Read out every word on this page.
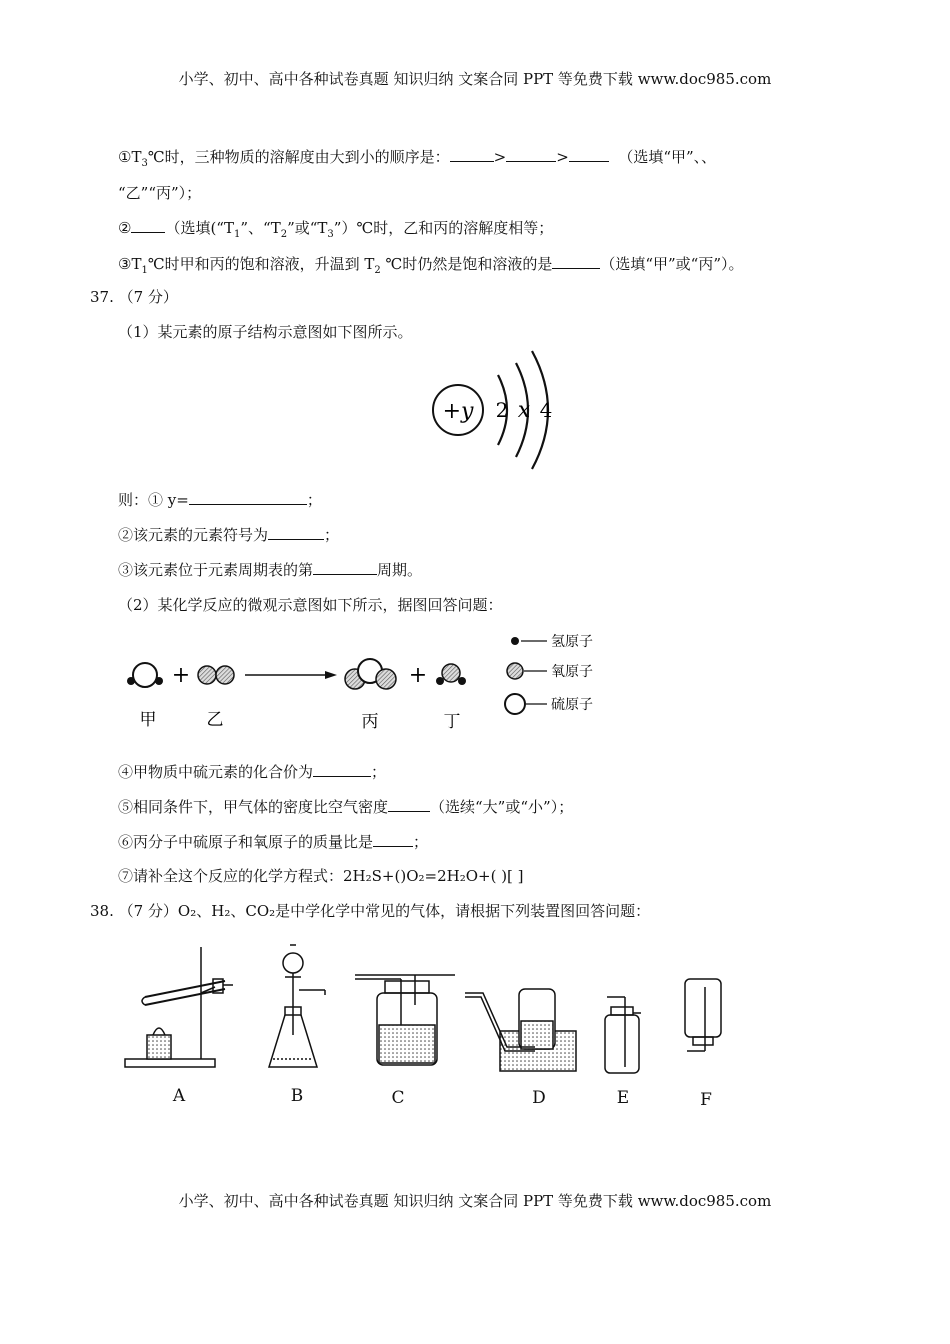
小学、初中、高中各种试卷真题 知识归纳 文案合同 PPT 等免费下载 www.doc985.com
$①T_3℃$时，三种物质的溶解度由大到小的顺序是：	>	>	（选填“甲”、、
“乙”“丙”）；
② （选填(“$T_1$”、“$T_2$”或“$T_3”)℃$时，乙和丙的溶解度相等；
$③T_1℃$时甲和丙的饱和溶液，升温到 $T_2$ ℃时仍然是饱和溶液的是	（选填“甲”或“丙”）。
37. （7 分）
（1）某元素的原子结构示意图如下图所示。
+y 2 x 4
则：① y=	；
②该元素的元素符号为	；
③该元素位于元素周期表的第	周期。
（2）某化学反应的微观示意图如下所示，据图回答问题：
+	+
甲	乙	丙	丁
氢原子
氧原子
硫原子
④甲物质中硫元素的化合价为	；
⑤相同条件下，甲气体的密度比空气密度	（选续“大”或“小”）；
⑥丙分子中硫原子和氧原子的质量比是	；
⑦请补全这个反应的化学方程式：2H₂S+()O₂=2H₂O+( )[ ]
38. （7 分）O₂、H₂、CO₂是中学化学中常见的气体，请根据下列装置图回答问题：
A	B	C	D	E	F
小学、初中、高中各种试卷真题 知识归纳 文案合同 PPT 等免费下载 www.doc985.com
